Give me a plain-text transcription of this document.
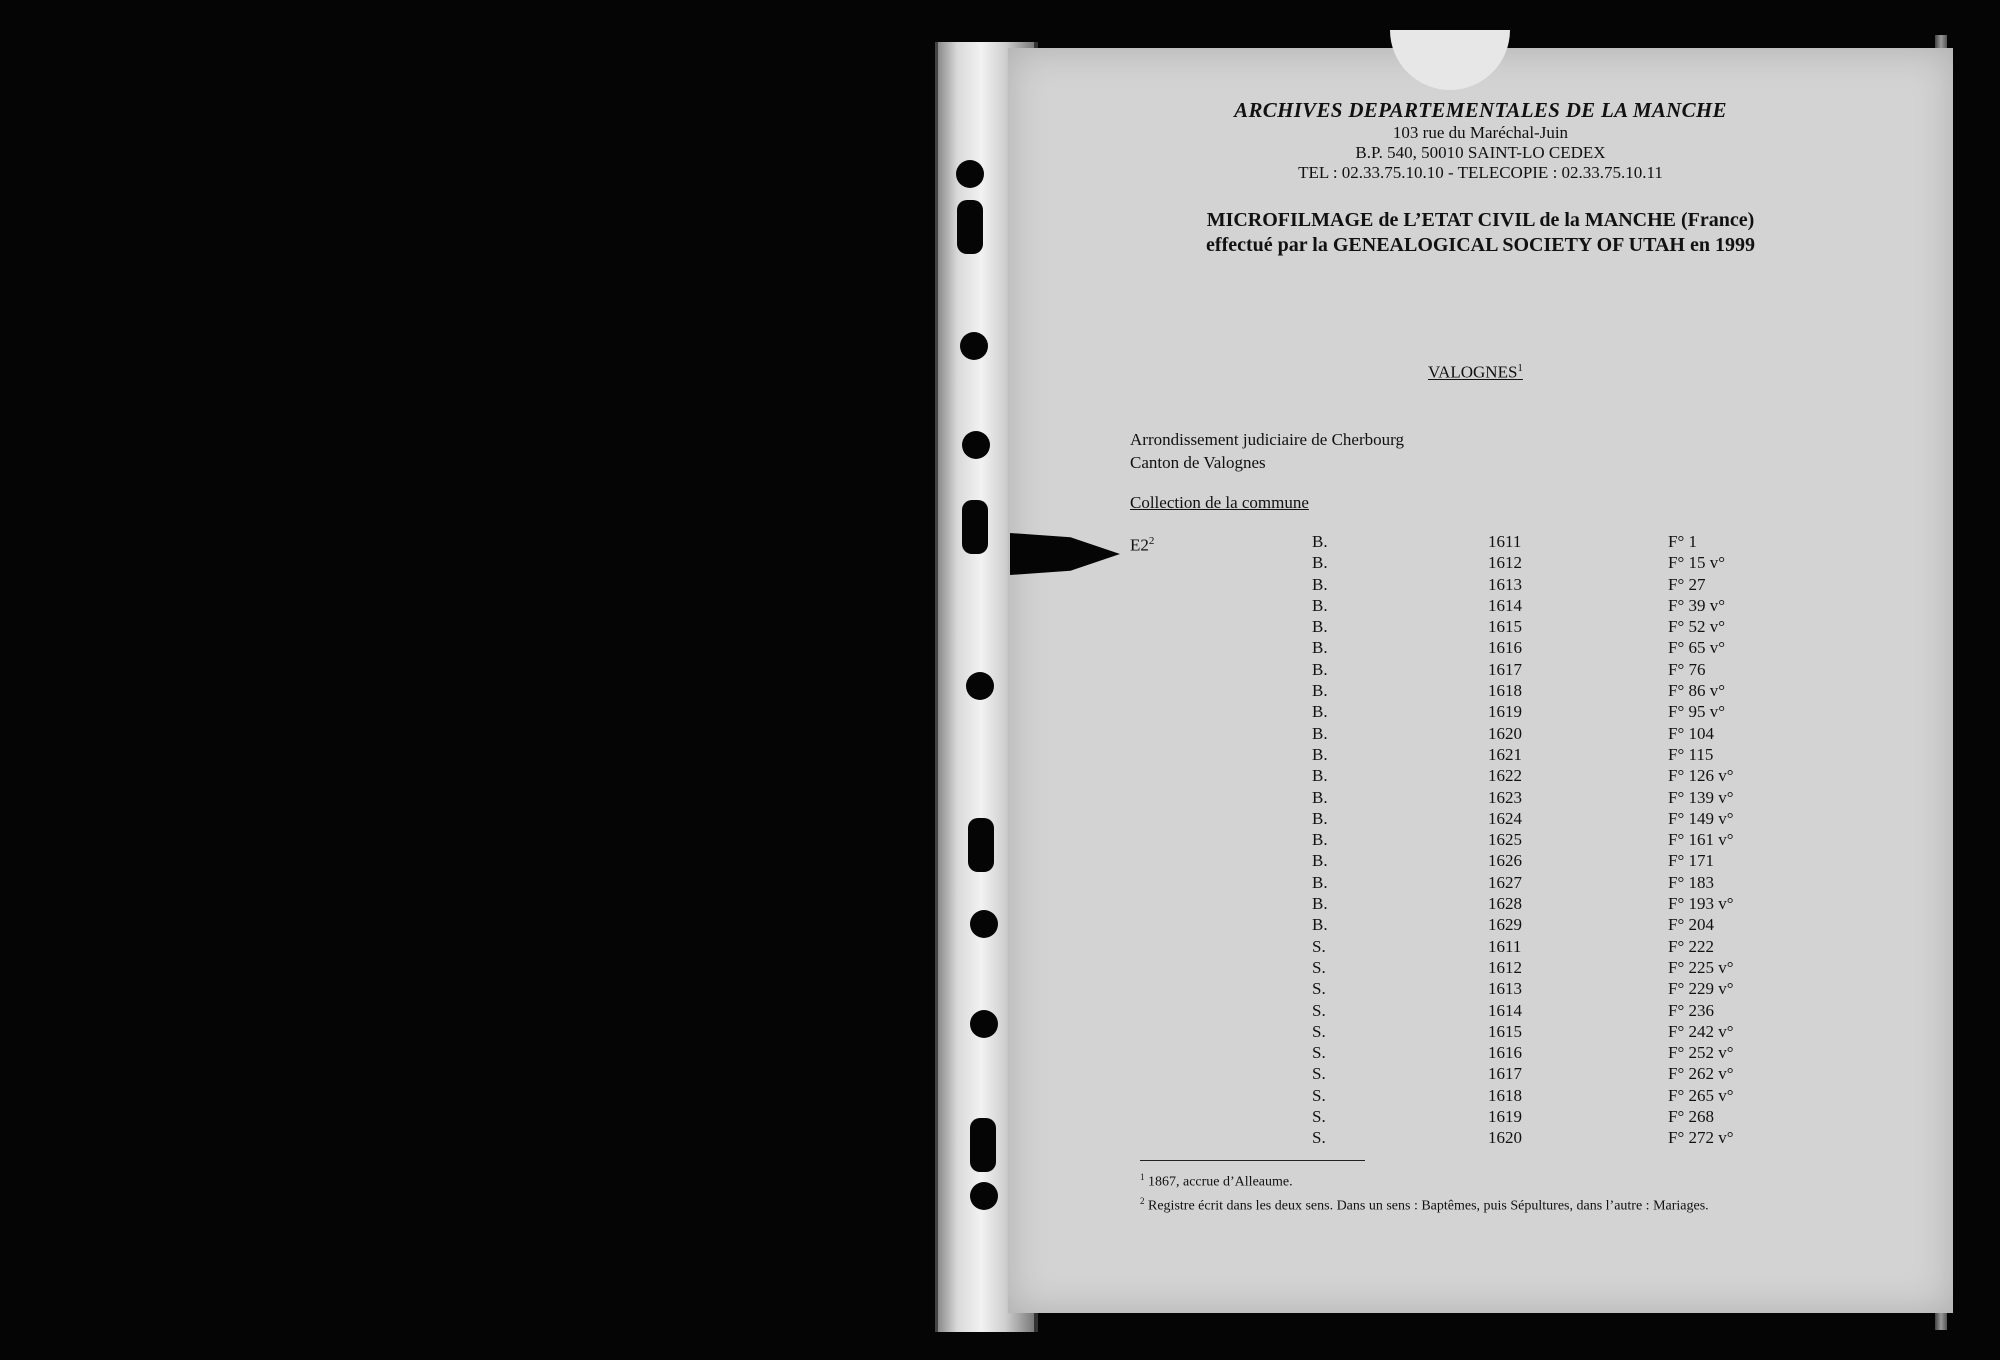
ARCHIVES DEPARTEMENTALES DE LA MANCHE
103 rue du Maréchal-Juin
B.P. 540, 50010 SAINT-LO CEDEX
TEL : 02.33.75.10.10 - TELECOPIE : 02.33.75.10.11
MICROFILMAGE de L’ETAT CIVIL de la MANCHE (France)
effectué par la GENEALOGICAL SOCIETY OF UTAH en 1999
VALOGNES$^1$
Arrondissement judiciaire de Cherbourg
Canton de Valognes
Collection de la commune
$E2^2$	B.	1611	F° 1
B.	1612	F° 15 v°
B.	1613	F° 27
B.	1614	F° 39 v°
B.	1615	F° 52 v°
B.	1616	F° 65 v°
B.	1617	F° 76
B.	1618	F° 86 v°
B.	1619	F° 95 v°
B.	1620	F° 104
B.	1621	F° 115
B.	1622	F° 126 v°
B.	1623	F° 139 v°
B.	1624	F° 149 v°
B.	1625	F° 161 v°
B.	1626	F° 171
B.	1627	F° 183
B.	1628	F° 193 v°
B.	1629	F° 204
S.	1611	F° 222
S.	1612	F° 225 v°
S.	1613	F° 229 v°
S.	1614	F° 236
S.	1615	F° 242 v°
S.	1616	F° 252 v°
S.	1617	F° 262 v°
S.	1618	F° 265 v°
S.	1619	F° 268
S.	1620	F° 272 v°
$^1$ 1867, accrue d’Alleaume.
$^2$ Registre écrit dans les deux sens. Dans un sens : Baptêmes, puis Sépultures, dans l’autre : Mariages.
